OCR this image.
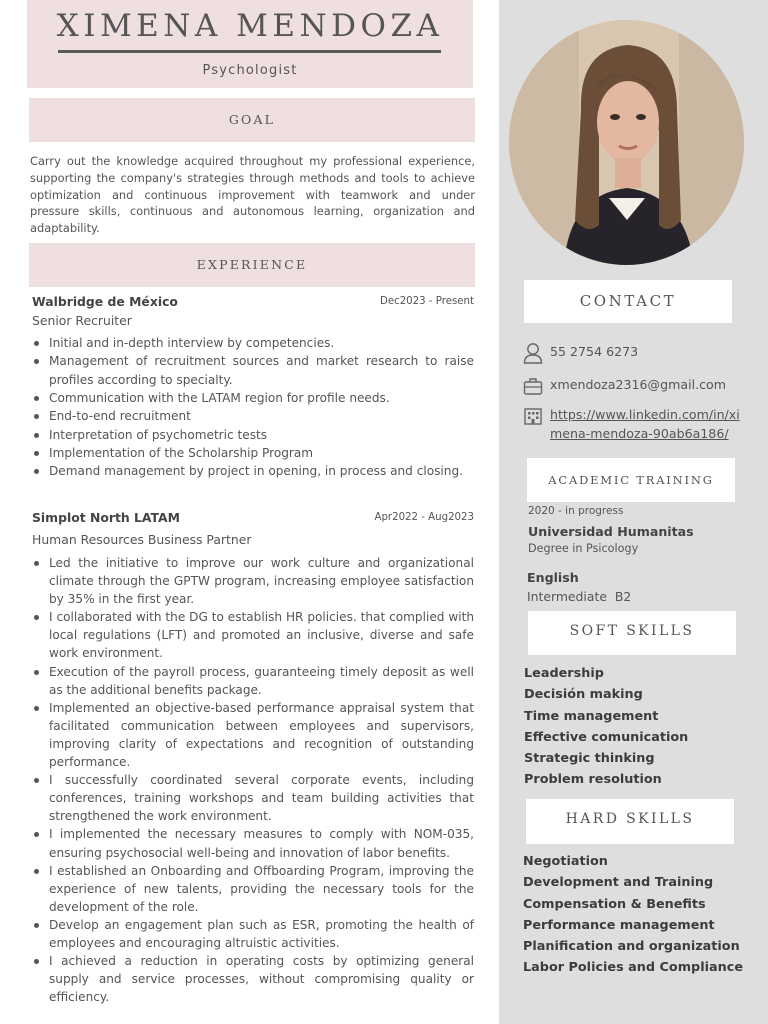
XIMENA MENDOZA
Psychologist
GOAL

Carry out the knowledge acquired throughout my professional experience, supporting the company's strategies through methods and tools to achieve optimization and continuous improvement with teamwork and under pressure skills, continuous and autonomous learning, organization and adaptability.

EXPERIENCE
Walbridge de México	Dec2023 - Present
Senior Recruiter
Initial and in-depth interview by competencies.
Management of recruitment sources and market research to raise profiles according to specialty.
Communication with the LATAM region for profile needs.
End-to-end recruitment
Interpretation of psychometric tests
Implementation of the Scholarship Program
Demand management by project in opening, in process and closing.
Simplot North LATAM	Apr2022 - Aug2023
Human Resources Business Partner
Led the initiative to improve our work culture and organizational climate through the GPTW program, increasing employee satisfaction by 35% in the first year.
I collaborated with the DG to establish HR policies. that complied with local regulations (LFT) and promoted an inclusive, diverse and safe work environment.
Execution of the payroll process, guaranteeing timely deposit as well as the additional benefits package.
Implemented an objective-based performance appraisal system that facilitated communication between employees and supervisors, improving clarity of expectations and recognition of outstanding performance.
I successfully coordinated several corporate events, including conferences, training workshops and team building activities that strengthened the work environment.
I implemented the necessary measures to comply with NOM-035, ensuring psychosocial well-being and innovation of labor benefits.
I established an Onboarding and Offboarding Program, improving the experience of new talents, providing the necessary tools for the development of the role.
Develop an engagement plan such as ESR, promoting the health of employees and encouraging altruistic activities.
I achieved a reduction in operating costs by optimizing general supply and service processes, without compromising quality or efficiency.
CONTACT
55 2754 6273
xmendoza2316@gmail.com
https://www.linkedin.com/in/ximena-mendoza-90ab6a186/
ACADEMIC TRAINING
2020 - in progress
Universidad Humanitas
Degree in Psicology
English
Intermediate  B2
SOFT SKILLS
Leadership
Decisión making
Time management
Effective comunication
Strategic thinking
Problem resolution
HARD SKILLS
Negotiation
Development and Training
Compensation & Benefits
Performance management
Planification and organization
Labor Policies and Compliance
